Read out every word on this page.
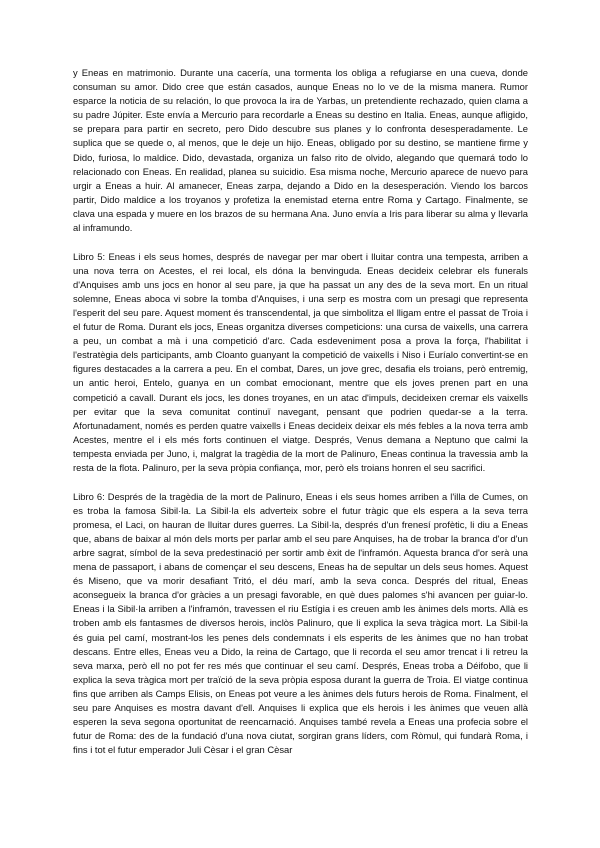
y Eneas en matrimonio. Durante una cacería, una tormenta los obliga a refugiarse en una cueva, donde consuman su amor. Dido cree que están casados, aunque Eneas no lo ve de la misma manera. Rumor esparce la noticia de su relación, lo que provoca la ira de Yarbas, un pretendiente rechazado, quien clama a su padre Júpiter. Este envía a Mercurio para recordarle a Eneas su destino en Italia. Eneas, aunque afligido, se prepara para partir en secreto, pero Dido descubre sus planes y lo confronta desesperadamente. Le suplica que se quede o, al menos, que le deje un hijo. Eneas, obligado por su destino, se mantiene firme y Dido, furiosa, lo maldice. Dido, devastada, organiza un falso rito de olvido, alegando que quemará todo lo relacionado con Eneas. En realidad, planea su suicidio. Esa misma noche, Mercurio aparece de nuevo para urgir a Eneas a huir. Al amanecer, Eneas zarpa, dejando a Dido en la desesperación. Viendo los barcos partir, Dido maldice a los troyanos y profetiza la enemistad eterna entre Roma y Cartago. Finalmente, se clava una espada y muere en los brazos de su hermana Ana. Juno envía a Iris para liberar su alma y llevarla al inframundo.

Libro 5: Eneas i els seus homes, després de navegar per mar obert i lluitar contra una tempesta, arriben a una nova terra on Acestes, el rei local, els dóna la benvinguda. Eneas decideix celebrar els funerals d'Anquises amb uns jocs en honor al seu pare, ja que ha passat un any des de la seva mort. En un ritual solemne, Eneas aboca vi sobre la tomba d'Anquises, i una serp es mostra com un presagi que representa l'esperit del seu pare. Aquest moment és transcendental, ja que simbolitza el lligam entre el passat de Troia i el futur de Roma. Durant els jocs, Eneas organitza diverses competicions: una cursa de vaixells, una carrera a peu, un combat a mà i una competició d'arc. Cada esdeveniment posa a prova la força, l'habilitat i l'estratègia dels participants, amb Cloanto guanyant la competició de vaixells i Niso i Euríalo convertint-se en figures destacades a la carrera a peu. En el combat, Dares, un jove grec, desafia els troians, però entremig, un antic heroi, Entelo, guanya en un combat emocionant, mentre que els joves prenen part en una competició a cavall. Durant els jocs, les dones troyanes, en un atac d'impuls, decideixen cremar els vaixells per evitar que la seva comunitat continuï navegant, pensant que podrien quedar-se a la terra. Afortunadament, només es perden quatre vaixells i Eneas decideix deixar els més febles a la nova terra amb Acestes, mentre el i els més forts continuen el viatge. Després, Venus demana a Neptuno que calmi la tempesta enviada per Juno, i, malgrat la tragèdia de la mort de Palinuro, Eneas continua la travessia amb la resta de la flota. Palinuro, per la seva pròpia confiança, mor, però els troians honren el seu sacrifici.

Libro 6: Després de la tragèdia de la mort de Palinuro, Eneas i els seus homes arriben a l'illa de Cumes, on es troba la famosa Sibil·la. La Sibil·la els adverteix sobre el futur tràgic que els espera a la seva terra promesa, el Laci, on hauran de lluitar dures guerres. La Sibil·la, després d'un frenesí profètic, li diu a Eneas que, abans de baixar al món dels morts per parlar amb el seu pare Anquises, ha de trobar la branca d'or d'un arbre sagrat, símbol de la seva predestinació per sortir amb èxit de l'inframón. Aquesta branca d'or serà una mena de passaport, i abans de començar el seu descens, Eneas ha de sepultar un dels seus homes. Aquest és Miseno, que va morir desafiant Tritó, el déu marí, amb la seva conca. Després del ritual, Eneas aconsegueix la branca d'or gràcies a un presagi favorable, en què dues palomes s'hi avancen per guiar-lo. Eneas i la Sibil·la arriben a l'inframón, travessen el riu Estígia i es creuen amb les ànimes dels morts. Allà es troben amb els fantasmes de diversos herois, inclòs Palinuro, que li explica la seva tràgica mort. La Sibil·la és guia pel camí, mostrant-los les penes dels condemnats i els esperits de les ànimes que no han trobat descans. Entre elles, Eneas veu a Dido, la reina de Cartago, que li recorda el seu amor trencat i li retreu la seva marxa, però ell no pot fer res més que continuar el seu camí. Després, Eneas troba a Déifobo, que li explica la seva tràgica mort per traïció de la seva pròpia esposa durant la guerra de Troia. El viatge continua fins que arriben als Camps Elisis, on Eneas pot veure a les ànimes dels futurs herois de Roma. Finalment, el seu pare Anquises es mostra davant d'ell. Anquises li explica que els herois i les ànimes que veuen allà esperen la seva segona oportunitat de reencarnació. Anquises també revela a Eneas una profecia sobre el futur de Roma: des de la fundació d'una nova ciutat, sorgiran grans líders, com Ròmul, qui fundarà Roma, i fins i tot el futur emperador Juli Cèsar i el gran Cèsar
